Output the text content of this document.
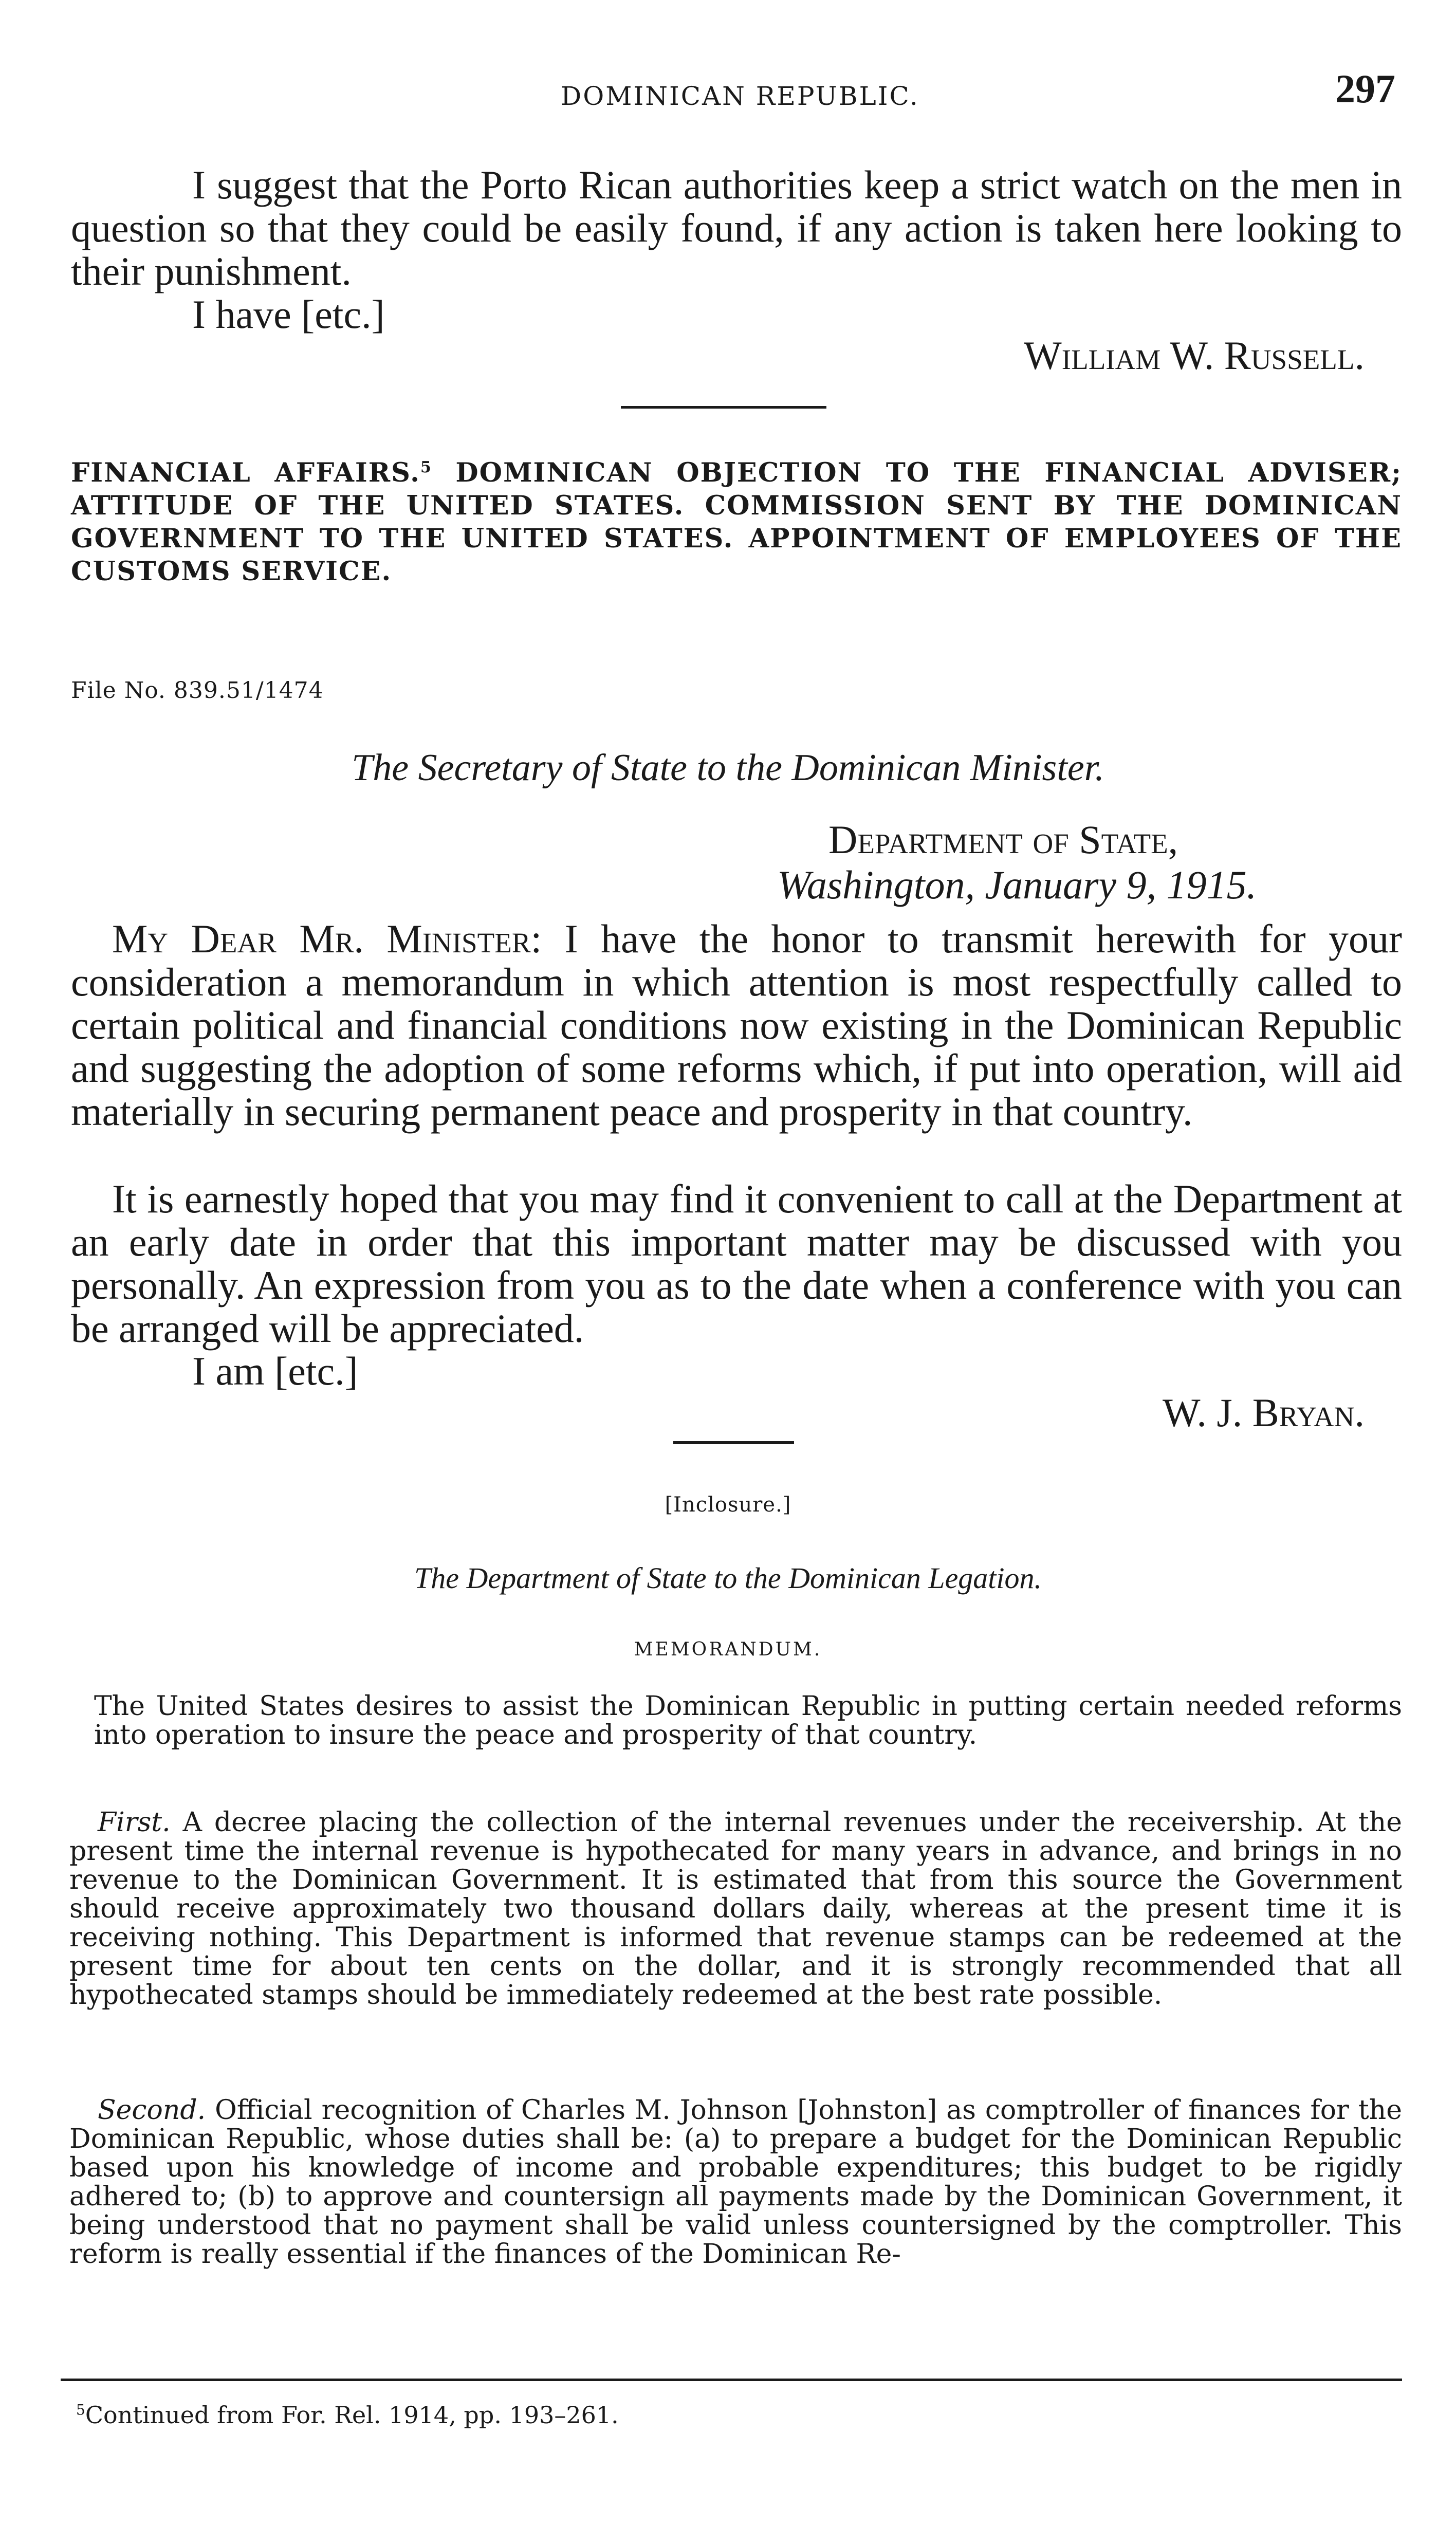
DOMINICAN REPUBLIC.	297

I suggest that the Porto Rican authorities keep a strict watch on the men in question so that they could be easily found, if any action is taken here looking to their punishment.

I have [etc.]
William W. Russell.

FINANCIAL AFFAIRS.$^5$ DOMINICAN OBJECTION TO THE FINANCIAL ADVISER; ATTITUDE OF THE UNITED STATES. COMMISSION SENT BY THE DOMINICAN GOVERNMENT TO THE UNITED STATES. APPOINTMENT OF EMPLOYEES OF THE CUSTOMS SERVICE.

File No. 839.51/1474
The Secretary of State to the Dominican Minister.
Department of State,
Washington, January 9, 1915.

My Dear Mr. Minister: I have the honor to transmit herewith for your consideration a memorandum in which attention is most respectfully called to certain political and financial conditions now existing in the Dominican Republic and suggesting the adoption of some reforms which, if put into operation, will aid materially in securing permanent peace and prosperity in that country.

It is earnestly hoped that you may find it convenient to call at the Department at an early date in order that this important matter may be discussed with you personally. An expression from you as to the date when a conference with you can be arranged will be appreciated.

I am [etc.]
W. J. Bryan.
[Inclosure.]
The Department of State to the Dominican Legation.
MEMORANDUM.

The United States desires to assist the Dominican Republic in putting certain needed reforms into operation to insure the peace and prosperity of that country.

First. A decree placing the collection of the internal revenues under the receivership. At the present time the internal revenue is hypothecated for many years in advance, and brings in no revenue to the Dominican Government. It is estimated that from this source the Government should receive approximately two thousand dollars daily, whereas at the present time it is receiving nothing. This Department is informed that revenue stamps can be redeemed at the present time for about ten cents on the dollar, and it is strongly recommended that all hypothecated stamps should be immediately redeemed at the best rate possible.

Second. Official recognition of Charles M. Johnson [Johnston] as comptroller of finances for the Dominican Republic, whose duties shall be: (a) to prepare a budget for the Dominican Republic based upon his knowledge of income and probable expenditures; this budget to be rigidly adhered to; (b) to approve and countersign all payments made by the Dominican Government, it being understood that no payment shall be valid unless countersigned by the comptroller. This reform is really essential if the finances of the Dominican Re-

$^5$Continued from For. Rel. 1914, pp. 193–261.
